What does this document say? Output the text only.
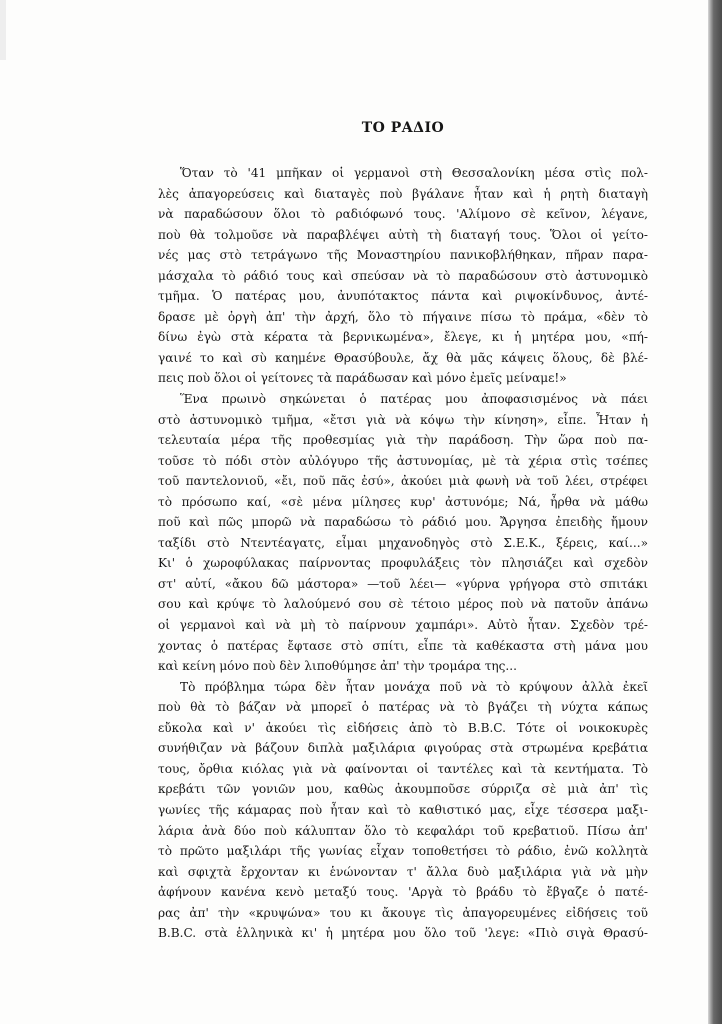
ΤΟ ΡΑΔΙΟ
Ὅταν τὸ '41 μπῆκαν οἱ γερμανοὶ στὴ Θεσσαλονίκη μέσα στὶς πολ-
λὲς ἀπαγορεύσεις καὶ διαταγὲς ποὺ βγάλανε ἦταν καὶ ἡ ρητὴ διαταγὴ
νὰ παραδώσουν ὅλοι τὸ ραδιόφωνό τους. 'Αλίμονο σὲ κεῖνον, λέγανε,
ποὺ θὰ τολμοῦσε νὰ παραβλέψει αὐτὴ τὴ διαταγή τους. Ὅλοι οἱ γείτο-
νές μας στὸ τετράγωνο τῆς Μοναστηρίου πανικοβλήθηκαν, πῆραν παρα-
μάσχαλα τὸ ράδιό τους καὶ σπεύσαν νὰ τὸ παραδώσουν στὸ ἀστυνομικὸ
τμῆμα. Ὁ πατέρας μου, ἀνυπότακτος πάντα καὶ ριψοκίνδυνος, ἀντέ-
δρασε μὲ ὀργὴ ἀπ' τὴν ἀρχή, ὅλο τὸ πήγαινε πίσω τὸ πράμα, «δὲν τὸ
δίνω ἐγὼ στὰ κέρατα τὰ βερνικωμένα», ἔλεγε, κι ἡ μητέρα μου, «πή-
γαινέ το καὶ σὺ καημένε Θρασύβουλε, ἄχ θὰ μᾶς κάψεις ὅλους, δὲ βλέ-
πεις ποὺ ὅλοι οἱ γείτονες τὰ παράδωσαν καὶ μόνο ἐμεῖς μείναμε!»
Ἕνα πρωινὸ σηκώνεται ὁ πατέρας μου ἀποφασισμένος νὰ πάει
στὸ ἀστυνομικὸ τμῆμα, «ἔτσι γιὰ νὰ κόψω τὴν κίνηση», εἶπε. Ἦταν ἡ
τελευταία μέρα τῆς προθεσμίας γιὰ τὴν παράδοση. Τὴν ὥρα ποὺ πα-
τοῦσε τὸ πόδι στὸν αὐλόγυρο τῆς ἀστυνομίας, μὲ τὰ χέρια στὶς τσέπες
τοῦ παντελονιοῦ, «ἔι, ποῦ πᾶς ἐσύ», ἀκούει μιὰ φωνὴ νὰ τοῦ λέει, στρέφει
τὸ πρόσωπο καί, «σὲ μένα μίλησες κυρ' ἀστυνόμε; Νά, ἦρθα νὰ μάθω
ποῦ καὶ πῶς μπορῶ νὰ παραδώσω τὸ ράδιό μου. Ἄργησα ἐπειδὴς ἤμουν
ταξίδι στὸ Ντεντέαγατς, εἶμαι μηχανοδηγὸς στὸ Σ.Ε.Κ., ξέρεις, καί...»
Κι' ὁ χωροφύλακας παίρνοντας προφυλάξεις τὸν πλησιάζει καὶ σχεδὸν
στ' αὐτί, «ἄκου δῶ μάστορα» —τοῦ λέει— «γύρνα γρήγορα στὸ σπιτάκι
σου καὶ κρύψε τὸ λαλούμενό σου σὲ τέτοιο μέρος ποὺ νὰ πατοῦν ἀπάνω
οἱ γερμανοὶ καὶ νὰ μὴ τὸ παίρνουν χαμπάρι». Αὐτὸ ἦταν. Σχεδὸν τρέ-
χοντας ὁ πατέρας ἔφτασε στὸ σπίτι, εἶπε τὰ καθέκαστα στὴ μάνα μου
καὶ κείνη μόνο ποὺ δὲν λιποθύμησε ἀπ' τὴν τρομάρα της...
Τὸ πρόβλημα τώρα δὲν ἦταν μονάχα ποῦ νὰ τὸ κρύψουν ἀλλὰ ἐκεῖ
ποὺ θὰ τὸ βάζαν νὰ μπορεῖ ὁ πατέρας νὰ τὸ βγάζει τὴ νύχτα κάπως
εὔκολα καὶ ν' ἀκούει τὶς εἰδήσεις ἀπὸ τὸ B.B.C. Τότε οἱ νοικοκυρὲς
συνήθιζαν νὰ βάζουν διπλὰ μαξιλάρια φιγούρας στὰ στρωμένα κρεβάτια
τους, ὄρθια κιόλας γιὰ νὰ φαίνονται οἱ ταντέλες καὶ τὰ κεντήματα. Τὸ
κρεβάτι τῶν γονιῶν μου, καθὼς ἀκουμποῦσε σύρριζα σὲ μιὰ ἀπ' τὶς
γωνίες τῆς κάμαρας ποὺ ἦταν καὶ τὸ καθιστικό μας, εἶχε τέσσερα μαξι-
λάρια ἀνὰ δύο ποὺ κάλυπταν ὅλο τὸ κεφαλάρι τοῦ κρεβατιοῦ. Πίσω ἀπ'
τὸ πρῶτο μαξιλάρι τῆς γωνίας εἶχαν τοποθετήσει τὸ ράδιο, ἐνῶ κολλητὰ
καὶ σφιχτὰ ἔρχονταν κι ἑνώνονταν τ' ἄλλα δυὸ μαξιλάρια γιὰ νὰ μὴν
ἀφήνουν κανένα κενὸ μεταξύ τους. 'Αργὰ τὸ βράδυ τὸ ἔβγαζε ὁ πατέ-
ρας ἀπ' τὴν «κρυψώνα» του κι ἄκουγε τὶς ἀπαγορευμένες εἰδήσεις τοῦ
B.B.C. στὰ ἑλληνικὰ κι' ἡ μητέρα μου ὅλο τοῦ 'λεγε: «Πιὸ σιγὰ Θρασύ-
